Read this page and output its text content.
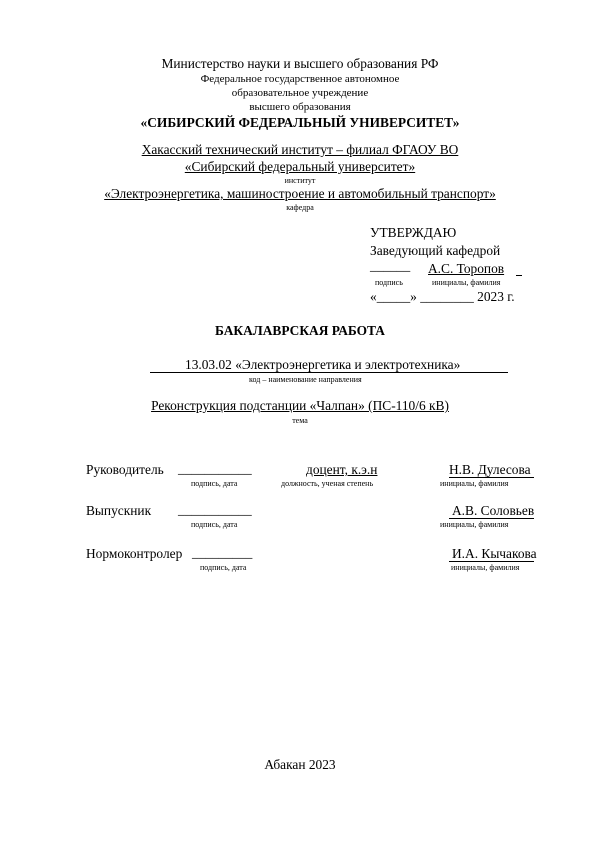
Министерство науки и высшего образования РФ
Федеральное государственное автономное
образовательное учреждение
высшего образования
«СИБИРСКИЙ ФЕДЕРАЛЬНЫЙ УНИВЕРСИТЕТ»
Хакасский технический институт – филиал ФГАОУ ВО
«Сибирский федеральный университет»
институт
«Электроэнергетика, машиностроение и автомобильный транспорт»
кафедра
УТВЕРЖДАЮ
Заведующий кафедрой
______ А.С. Торопов
подпись	инициалы, фамилия
«_____» ________ 2023 г.
БАКАЛАВРСКАЯ РАБОТА
13.03.02 «Электроэнергетика и электротехника»
код – наименование направления
Реконструкция подстанции «Чалпан» (ПС-110/6 кВ)
тема
Руководитель ___________	доцент, к.э.н	Н.В. Дулесова
подпись, дата	должность, ученая степень	инициалы, фамилия
Выпускник ___________	А.В. Соловьев
подпись, дата	инициалы, фамилия
Нормоконтролер _________	И.А. Кычакова
подпись, дата	инициалы, фамилия
Абакан 2023
